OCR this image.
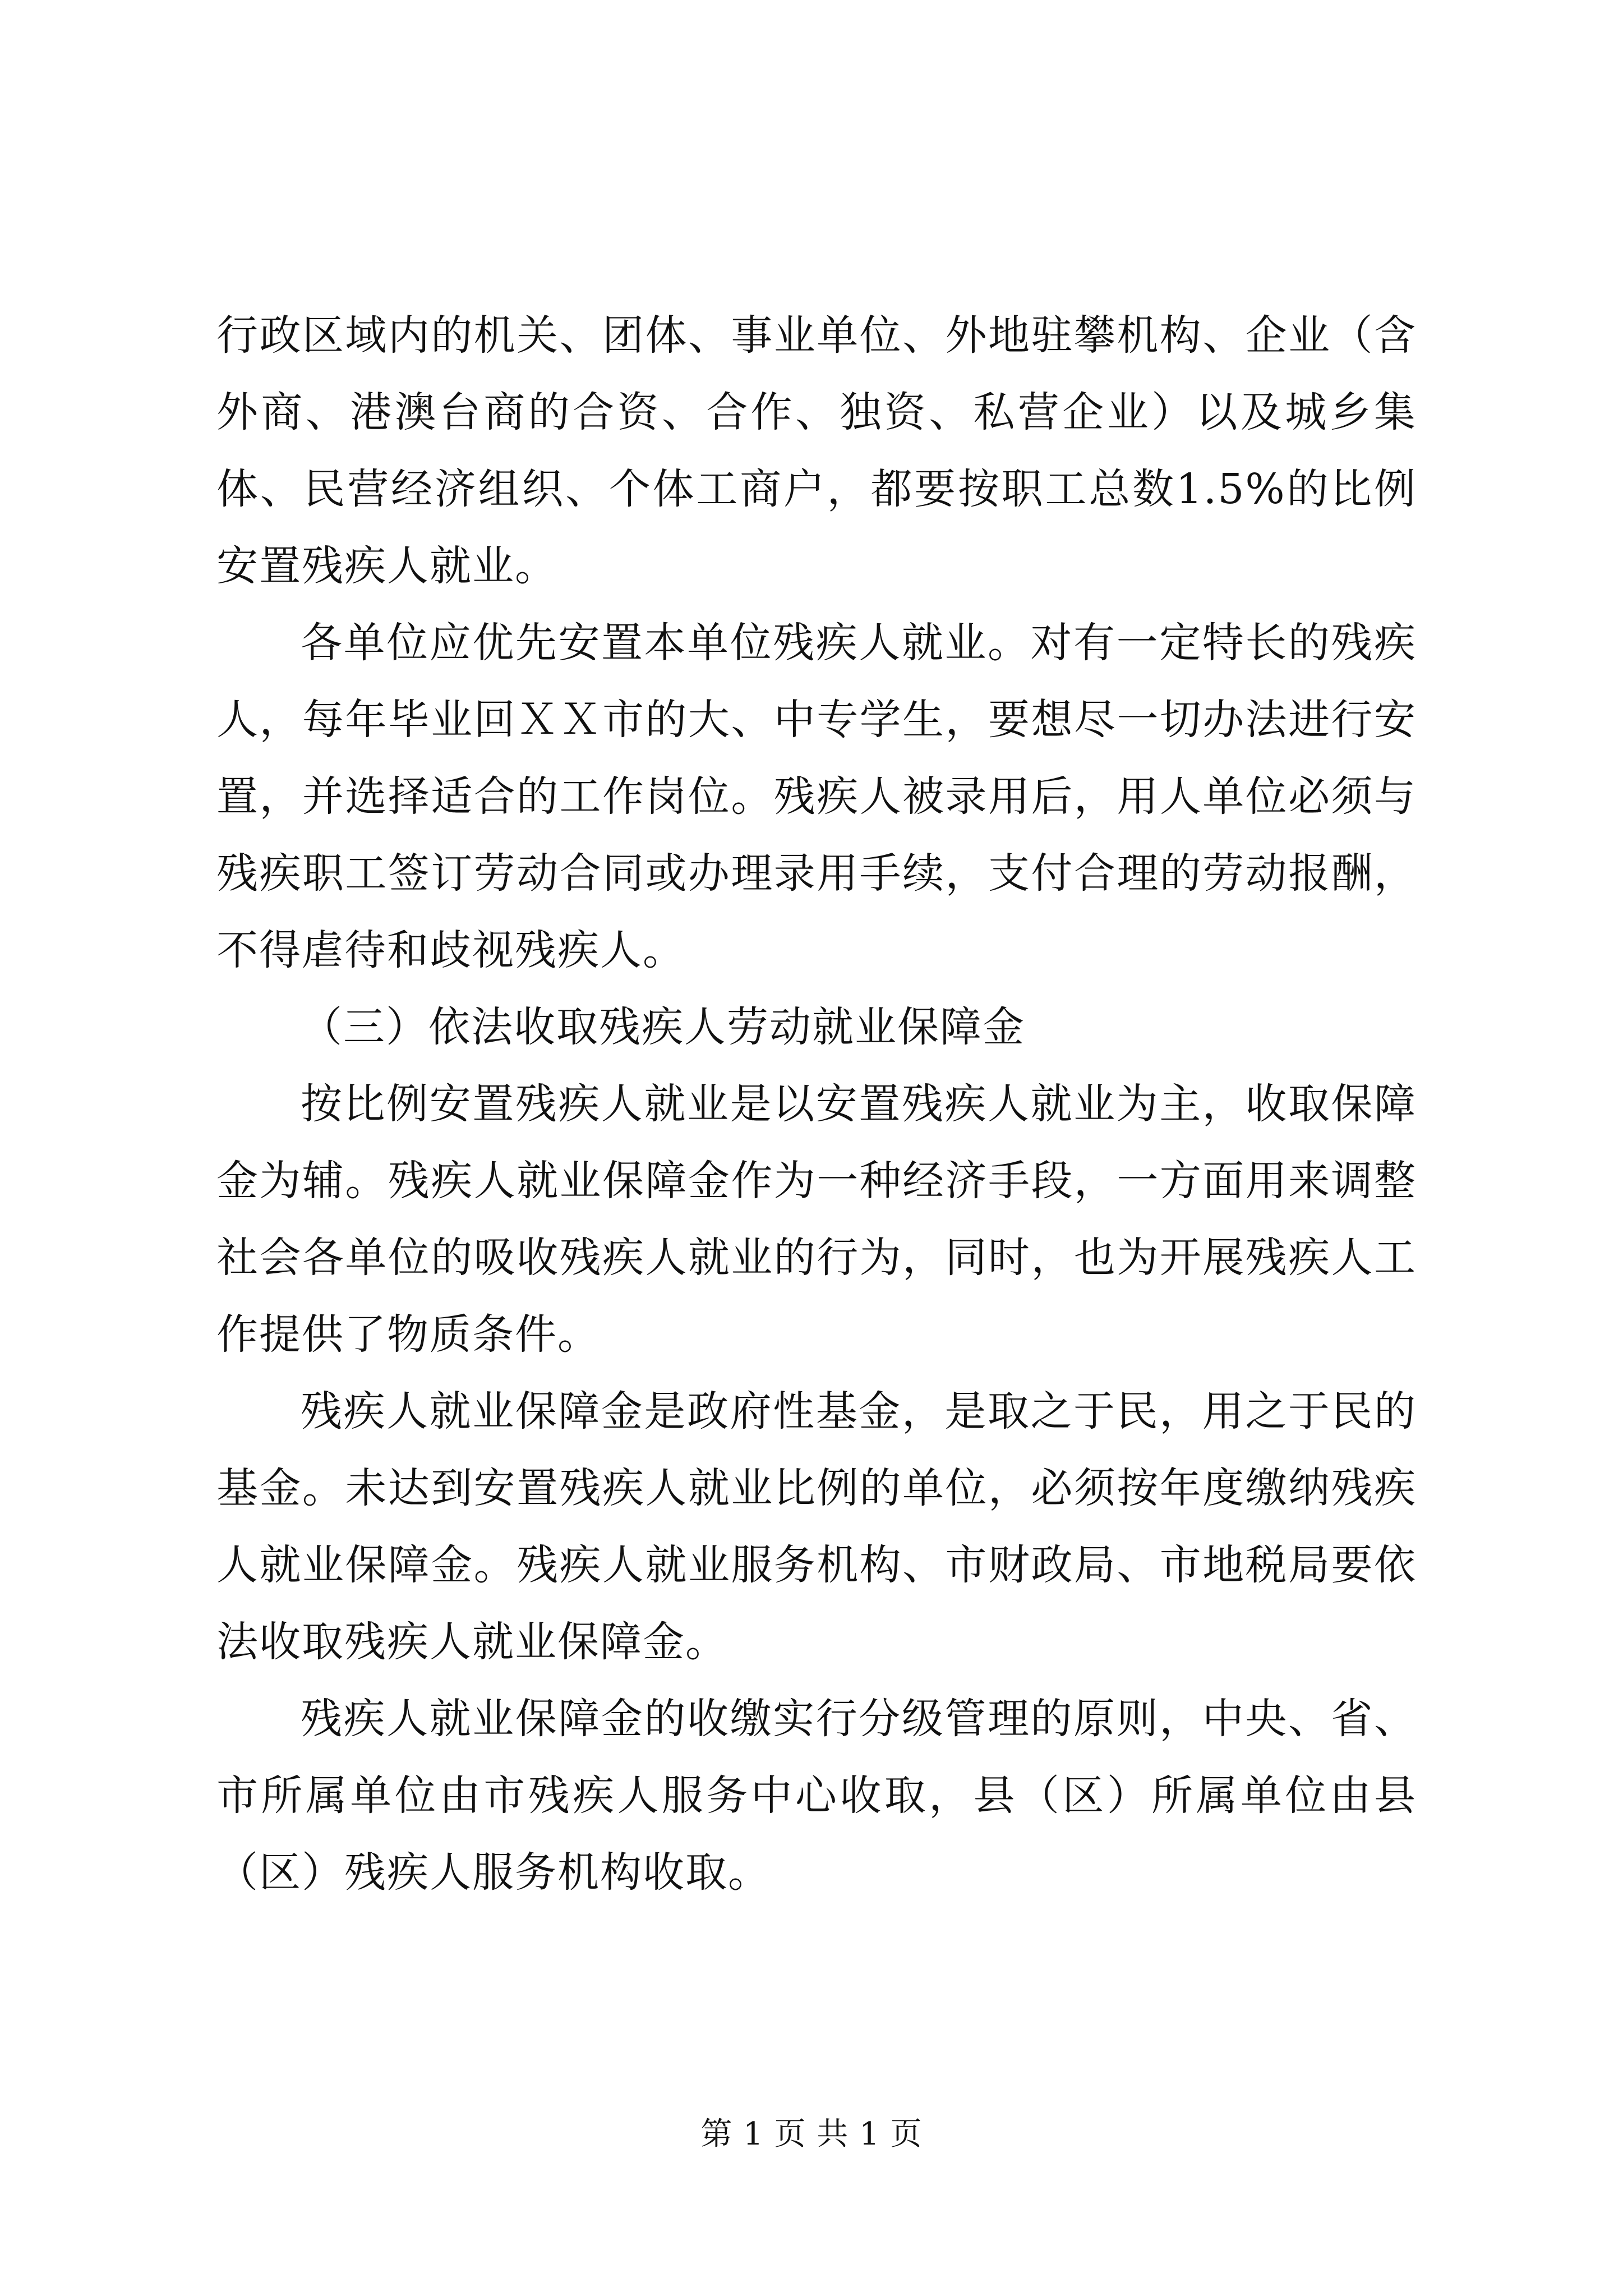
行政区域内的机关、团体、事业单位、外地驻攀机构、企业（含外商、港澳台商的合资、合作、独资、私营企业）以及城乡集体、民营经济组织、个体工商户，都要按职工总数1.5%的比例安置残疾人就业。

各单位应优先安置本单位残疾人就业。对有一定特长的残疾人，每年毕业回ＸＸ市的大、中专学生，要想尽一切办法进行安置，并选择适合的工作岗位。残疾人被录用后，用人单位必须与残疾职工签订劳动合同或办理录用手续，支付合理的劳动报酬，不得虐待和歧视残疾人。

（三）依法收取残疾人劳动就业保障金

按比例安置残疾人就业是以安置残疾人就业为主，收取保障金为辅。残疾人就业保障金作为一种经济手段，一方面用来调整社会各单位的吸收残疾人就业的行为，同时，也为开展残疾人工作提供了物质条件。

残疾人就业保障金是政府性基金，是取之于民，用之于民的基金。未达到安置残疾人就业比例的单位，必须按年度缴纳残疾人就业保障金。残疾人就业服务机构、市财政局、市地税局要依法收取残疾人就业保障金。

残疾人就业保障金的收缴实行分级管理的原则，中央、省、市所属单位由市残疾人服务中心收取，县（区）所属单位由县（区）残疾人服务机构收取。

第 1 页 共 1 页
